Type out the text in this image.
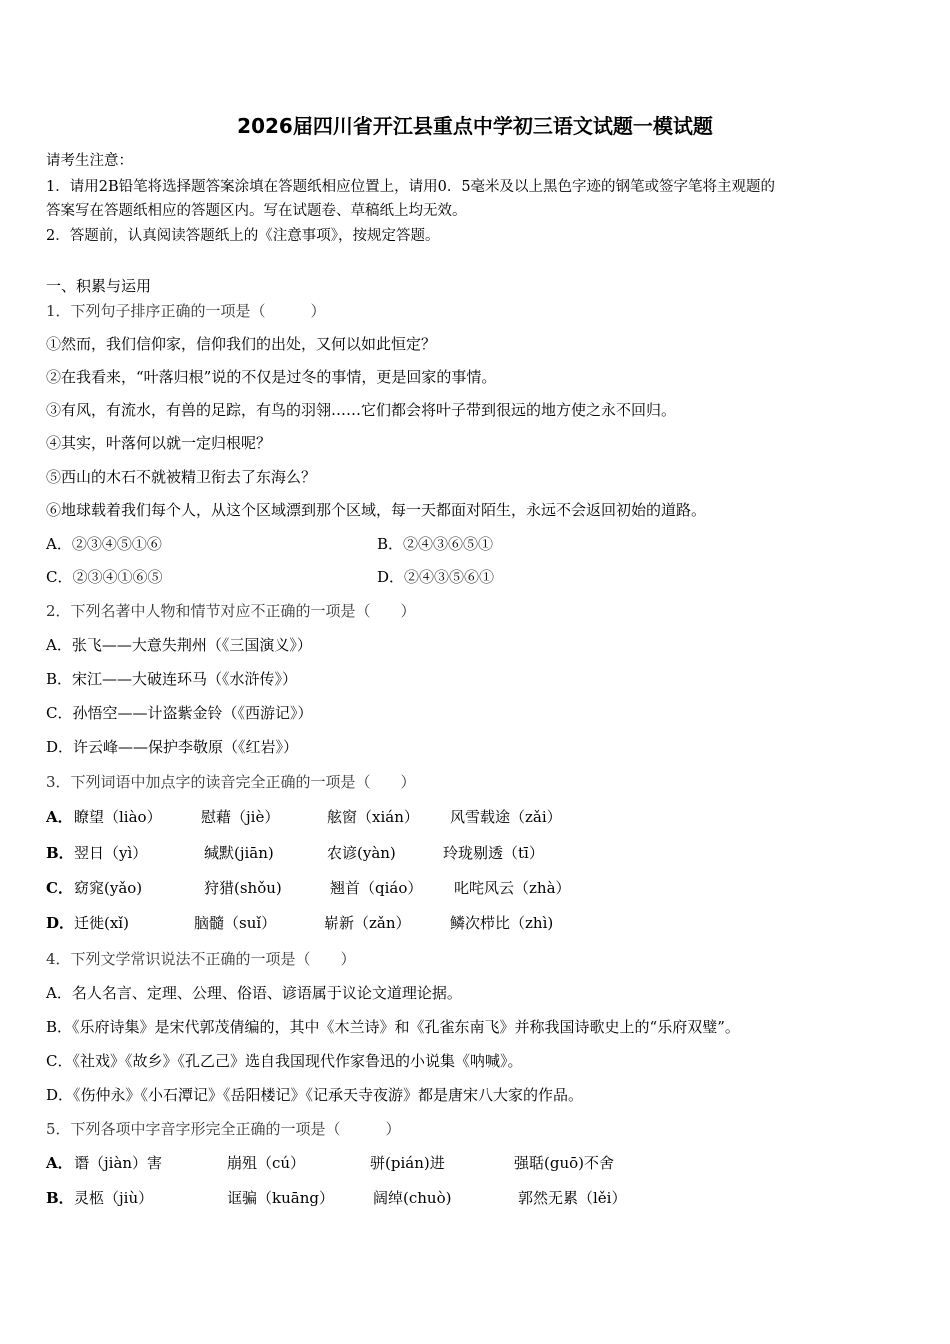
2026届四川省开江县重点中学初三语文试题一模试题
请考生注意：
1．请用2B铅笔将选择题答案涂填在答题纸相应位置上，请用0．5毫米及以上黑色字迹的钢笔或签字笔将主观题的
答案写在答题纸相应的答题区内。写在试题卷、草稿纸上均无效。
2．答题前，认真阅读答题纸上的《注意事项》，按规定答题。
一、积累与运用
1．下列句子排序正确的一项是（　　　）
①然而，我们信仰家，信仰我们的出处，又何以如此恒定？
②在我看来，“叶落归根”说的不仅是过冬的事情，更是回家的事情。
③有风，有流水，有兽的足踪，有鸟的羽翎……它们都会将叶子带到很远的地方使之永不回归。
④其实，叶落何以就一定归根呢？
⑤西山的木石不就被精卫衔去了东海么？
⑥地球载着我们每个人，从这个区域漂到那个区域，每一天都面对陌生，永远不会返回初始的道路。
A．②③④⑤①⑥	B．②④③⑥⑤①
C．②③④①⑥⑤	D．②④③⑤⑥①
2．下列名著中人物和情节对应不正确的一项是（　　）
A．张飞——大意失荆州（《三国演义》）
B．宋江——大破连环马（《水浒传》）
C．孙悟空——计盗紫金铃（《西游记》）
D．许云峰——保护李敬原（《红岩》）
3．下列词语中加点字的读音完全正确的一项是（　　）
A． 瞭望（liào）	慰藉（jiè）	舷窗（xián） 风雪载途（zǎi）
B． 翌日（yì）	缄默(jiān)	农谚(yàn)	玲珑剔透（tī）
C． 窈窕(yǎo)	狩猎(shǒu)	翘首（qiáo） 叱咤风云（zhà）
D． 迁徙(xǐ)	脑髓（suǐ）	崭新（zǎn）	鳞次栉比（zhì)
4．下列文学常识说法不正确的一项是（　　）
A．名人名言、定理、公理、俗语、谚语属于议论文道理论据。
B．《乐府诗集》是宋代郭茂倩编的，其中《木兰诗》和《孔雀东南飞》并称我国诗歌史上的“乐府双璧”。
C．《社戏》《故乡》《孔乙己》选自我国现代作家鲁迅的小说集《呐喊》。
D．《伤仲永》《小石潭记》《岳阳楼记》《记承天寺夜游》都是唐宋八大家的作品。
5．下列各项中字音字形完全正确的一项是（　　　）
A． 谮（jiàn）害	崩殂（cú）	骈(pián)进	强聒(guō)不舍
B． 灵柩（jiù）	诓骗（kuāng）	阔绰(chuò)	郭然无累（lěi）
